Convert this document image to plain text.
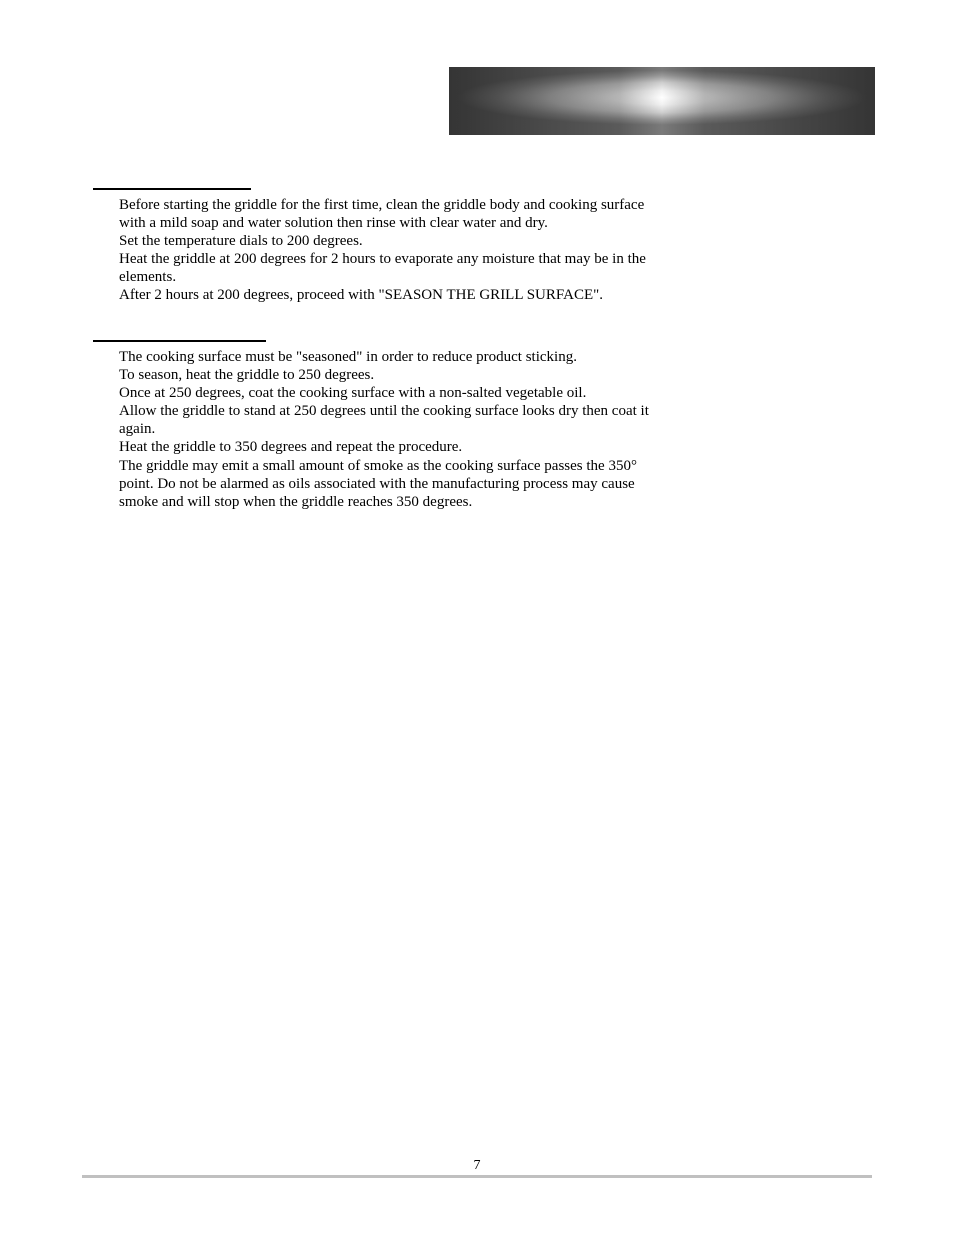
Before starting the griddle for the first time, clean the griddle body and cooking surface with a mild soap and water solution then rinse with clear water and dry.

Set the temperature dials to 200 degrees.

Heat the griddle at 200 degrees for 2 hours to evaporate any moisture that may be in the elements.

After 2 hours at 200 degrees, proceed with "SEASON THE GRILL SURFACE".

The cooking surface must be "seasoned" in order to reduce product sticking.

To season, heat the griddle to 250 degrees.

Once at 250 degrees, coat the cooking surface with a non-salted vegetable oil.

Allow the griddle to stand at 250 degrees until the cooking surface looks dry then coat it again.

Heat the griddle to 350 degrees and repeat the procedure.

The griddle may emit a small amount of smoke as the cooking surface passes the 350° point. Do not be alarmed as oils associated with the manufacturing process may cause smoke and will stop when the griddle reaches 350 degrees.

7
